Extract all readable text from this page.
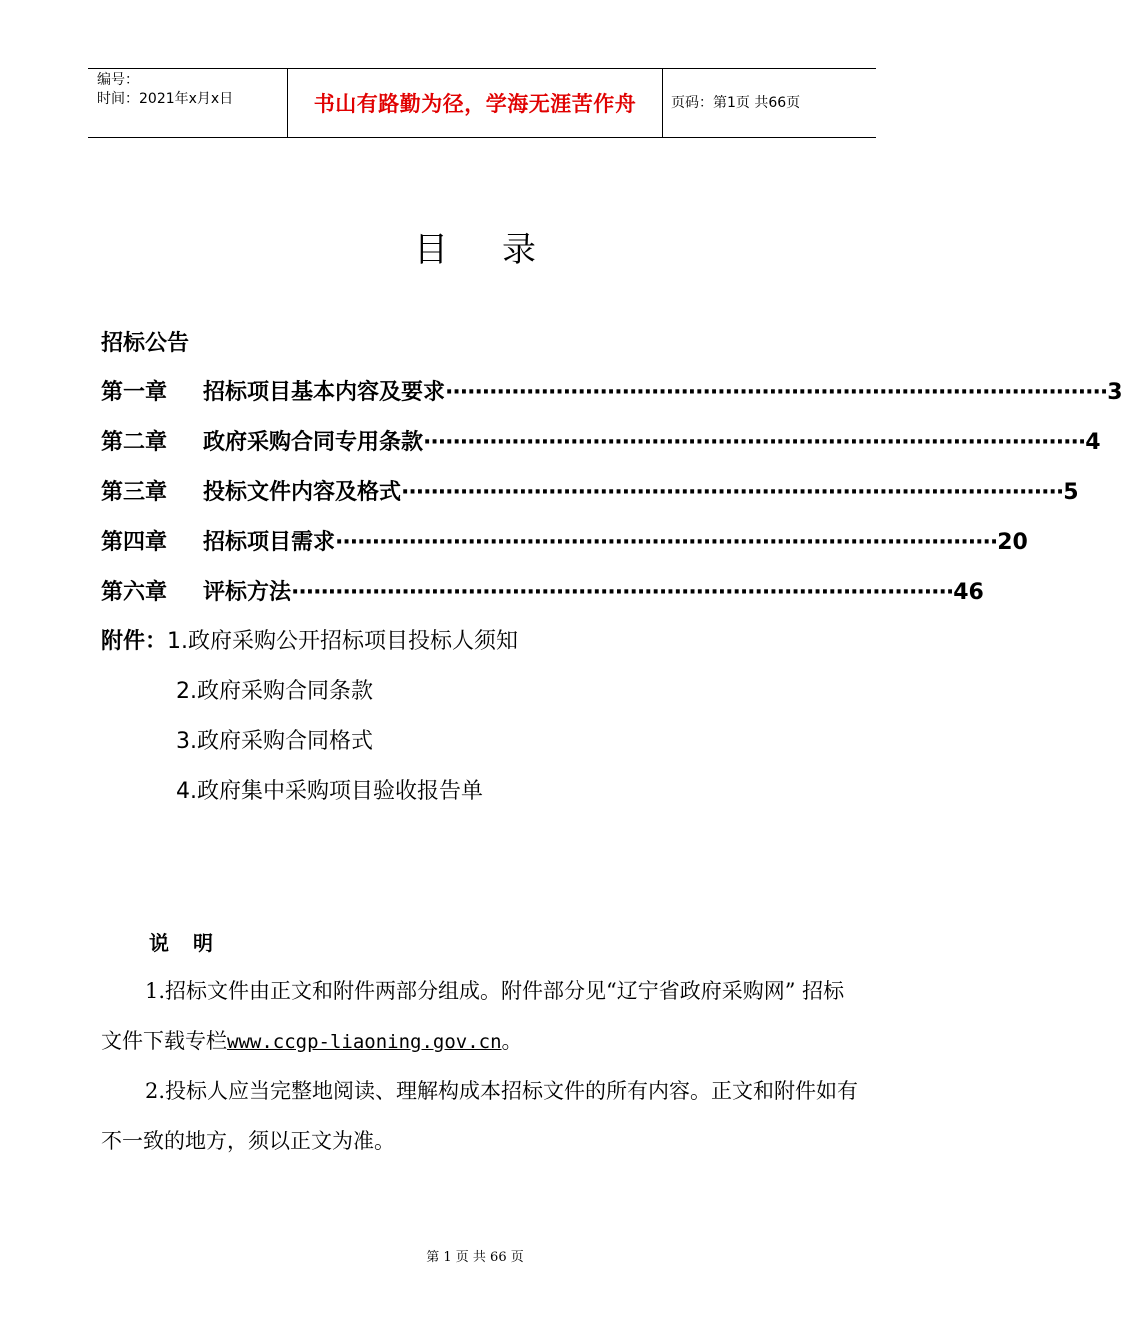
编号：
时间：2021年x月x日	书山有路勤为径，学海无涯苦作舟 页码：第1页 共66页
目 录
招标公告
第一章	招标项目基本内容及要求 ·························································································· 3
第二章	政府采购合同专用条款 ·························································································· 4
第三章	投标文件内容及格式 ·························································································· 5
第四章	招标项目需求 ·························································································· 20
第六章	评标方法 ·························································································· 46
附件：1.政府采购公开招标项目投标人须知
2.政府采购合同条款
3.政府采购合同格式
4.政府集中采购项目验收报告单
说 明
1.招标文件由正文和附件两部分组成。附件部分见“辽宁省政府采购网” 招标文件下载专栏www.ccgp-liaoning.gov.cn。
2.投标人应当完整地阅读、理解构成本招标文件的所有内容。正文和附件如有不一致的地方，须以正文为准。
第 1 页 共 66 页
